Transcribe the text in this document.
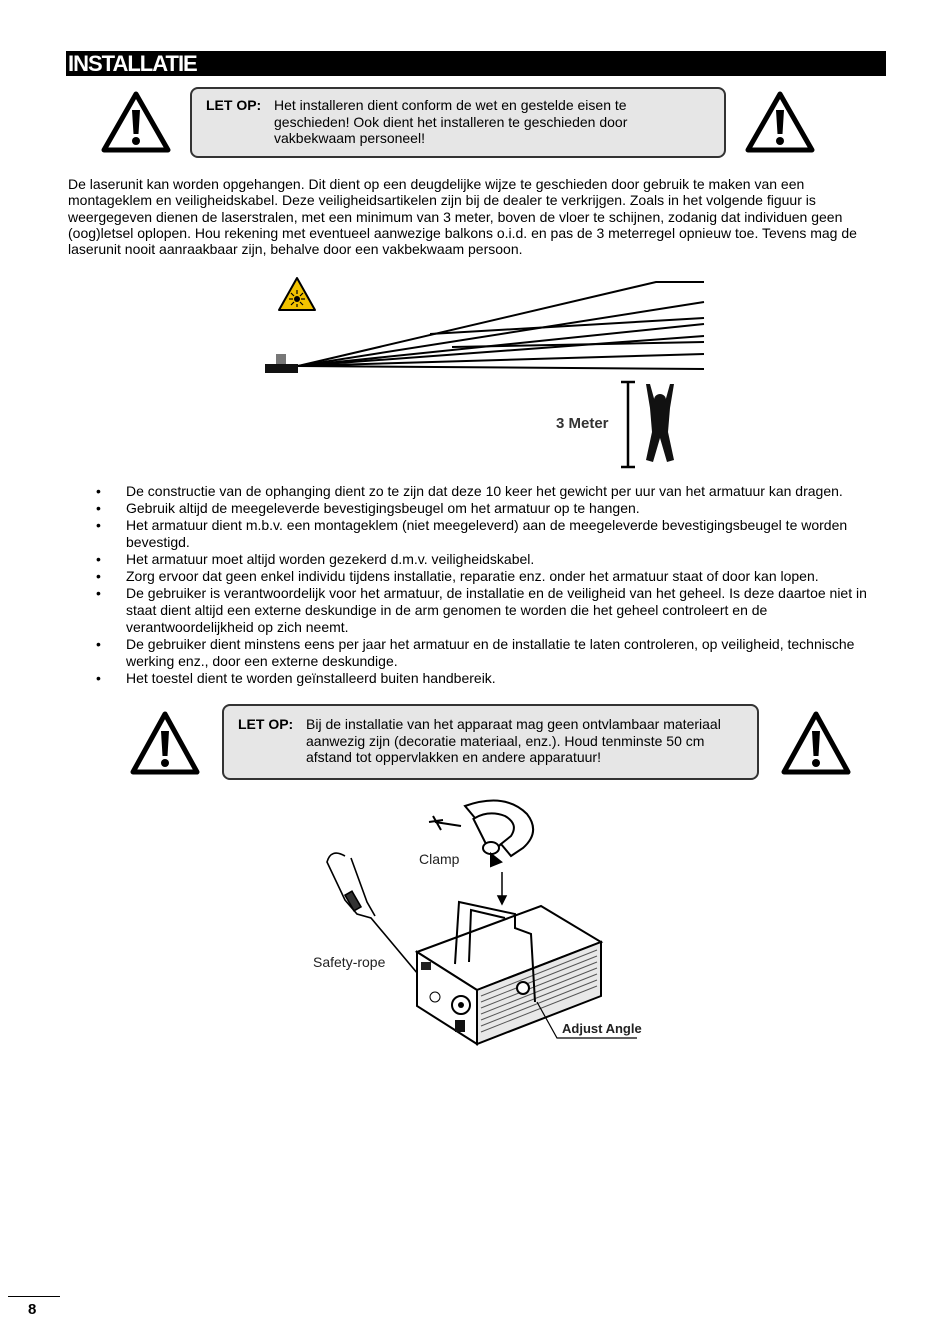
INSTALLATIE
LET OP: Het installeren dient conform de wet en gestelde eisen te geschieden! Ook dient het installeren te geschieden door vakbekwaam personeel!
De laserunit kan worden opgehangen. Dit dient op een deugdelijke wijze te geschieden door gebruik te maken van een montageklem en veiligheidskabel. Deze veiligheidsartikelen zijn bij de dealer te verkrijgen. Zoals in het volgende figuur is weergegeven dienen de laserstralen, met een minimum van 3 meter, boven de vloer te schijnen, zodanig dat individuen geen (oog)letsel oplopen. Hou rekening met eventueel aanwezige balkons o.i.d. en pas de 3 meterregel opnieuw toe. Tevens mag de laserunit nooit aanraakbaar zijn, behalve door een vakbekwaam persoon.
3 Meter
• De constructie van de ophanging dient zo te zijn dat deze 10 keer het gewicht per uur van het armatuur kan dragen.
• Gebruik altijd de meegeleverde bevestigingsbeugel om het armatuur op te hangen.
• Het armatuur dient m.b.v. een montageklem (niet meegeleverd) aan de meegeleverde bevestigingsbeugel te worden bevestigd.
• Het armatuur moet altijd worden gezekerd d.m.v. veiligheidskabel.
• Zorg ervoor dat geen enkel individu tijdens installatie, reparatie enz. onder het armatuur staat of door kan lopen.
• De gebruiker is verantwoordelijk voor het armatuur, de installatie en de veiligheid van het geheel. Is deze daartoe niet in staat dient altijd een externe deskundige in de arm genomen te worden die het geheel controleert en de verantwoordelijkheid op zich neemt.
• De gebruiker dient minstens eens per jaar het armatuur en de installatie te laten controleren, op veiligheid, technische werking enz., door een externe deskundige.
• Het toestel dient te worden geïnstalleerd buiten handbereik.
LET OP: Bij de installatie van het apparaat mag geen ontvlambaar materiaal aanwezig zijn (decoratie materiaal, enz.). Houd tenminste 50 cm afstand tot oppervlakken en andere apparatuur!
Clamp
Safety-rope
Adjust Angle
8
